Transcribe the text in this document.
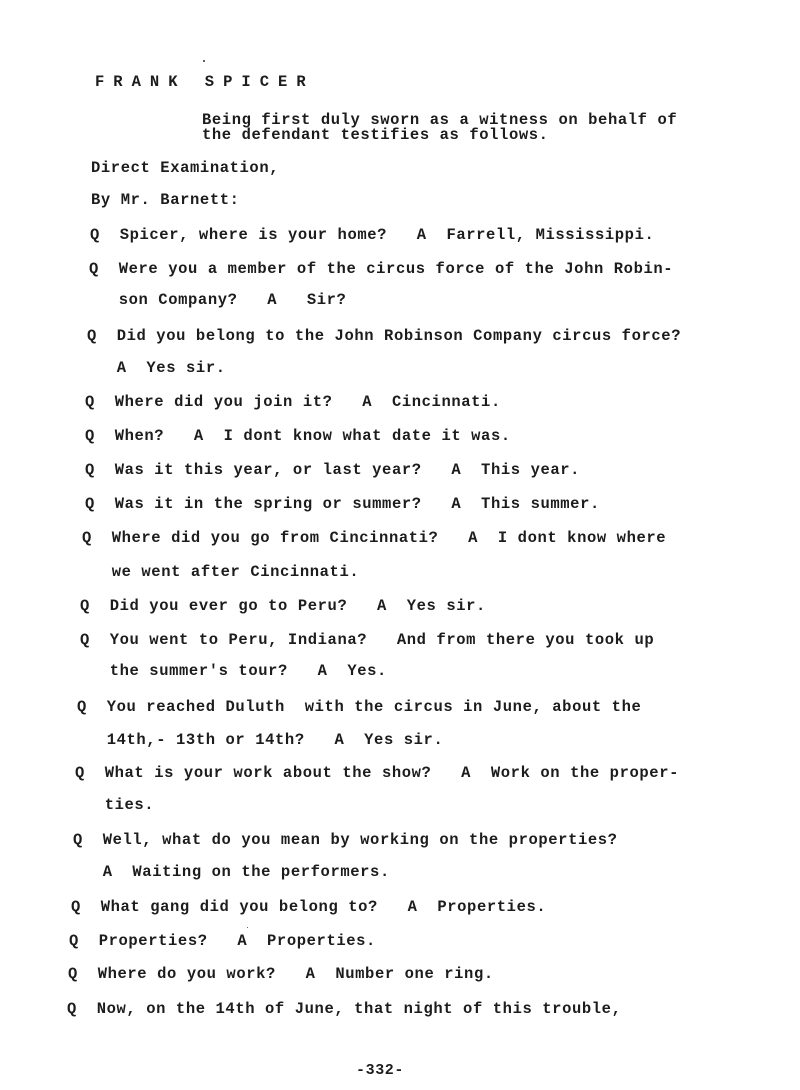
FRANK SPICER
Being first duly sworn as a witness on behalf of
the defendant testifies as follows.
Direct Examination,
By Mr. Barnett:
Q  Spicer, where is your home?   A  Farrell, Mississippi.
Q  Were you a member of the circus force of the John Robin-
son Company?   A   Sir?
Q  Did you belong to the John Robinson Company circus force?
A  Yes sir.
Q  Where did you join it?   A  Cincinnati.
Q  When?   A  I dont know what date it was.
Q  Was it this year, or last year?   A  This year.
Q  Was it in the spring or summer?   A  This summer.
Q  Where did you go from Cincinnati?   A  I dont know where
we went after Cincinnati.
Q  Did you ever go to Peru?   A  Yes sir.
Q  You went to Peru, Indiana?   And from there you took up
the summer's tour?   A  Yes.
Q  You reached Duluth  with the circus in June, about the
14th,- 13th or 14th?   A  Yes sir.
Q  What is your work about the show?   A  Work on the proper-
ties.
Q  Well, what do you mean by working on the properties?
A  Waiting on the performers.
Q  What gang did you belong to?   A  Properties.
Q  Properties?   A  Properties.
Q  Where do you work?   A  Number one ring.
Q  Now, on the 14th of June, that night of this trouble,
-332-
